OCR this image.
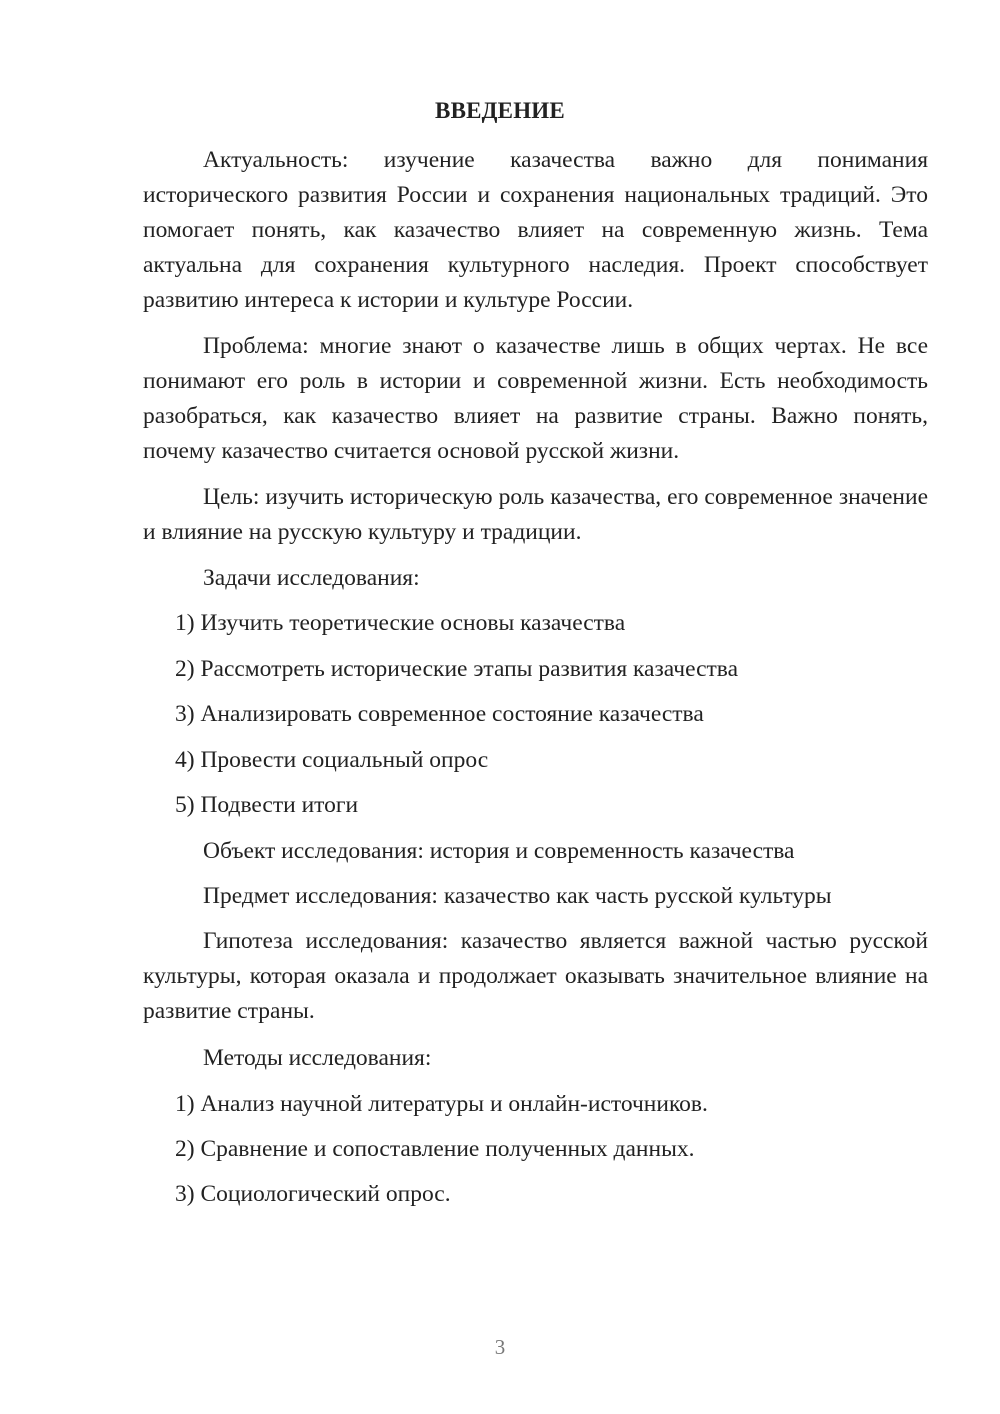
ВВЕДЕНИЕ

Актуальность: изучение казачества важно для понимания исторического развития России и сохранения национальных традиций. Это помогает понять, как казачество влияет на современную жизнь. Тема актуальна для сохранения культурного наследия. Проект способствует развитию интереса к истории и культуре России.

Проблема: многие знают о казачестве лишь в общих чертах. Не все понимают его роль в истории и современной жизни. Есть необходимость разобраться, как казачество влияет на развитие страны. Важно понять, почему казачество считается основой русской жизни.

Цель: изучить историческую роль казачества, его современное значение и влияние на русскую культуру и традиции.

Задачи исследования:

1) Изучить теоретические основы казачества

2) Рассмотреть исторические этапы развития казачества

3) Анализировать современное состояние казачества

4) Провести социальный опрос

5) Подвести итоги

Объект исследования: история и современность казачества

Предмет исследования: казачество как часть русской культуры

Гипотеза исследования: казачество является важной частью русской культуры, которая оказала и продолжает оказывать значительное влияние на развитие страны.

Методы исследования:

1) Анализ научной литературы и онлайн-источников.

2) Сравнение и сопоставление полученных данных.

3) Социологический опрос.

3
